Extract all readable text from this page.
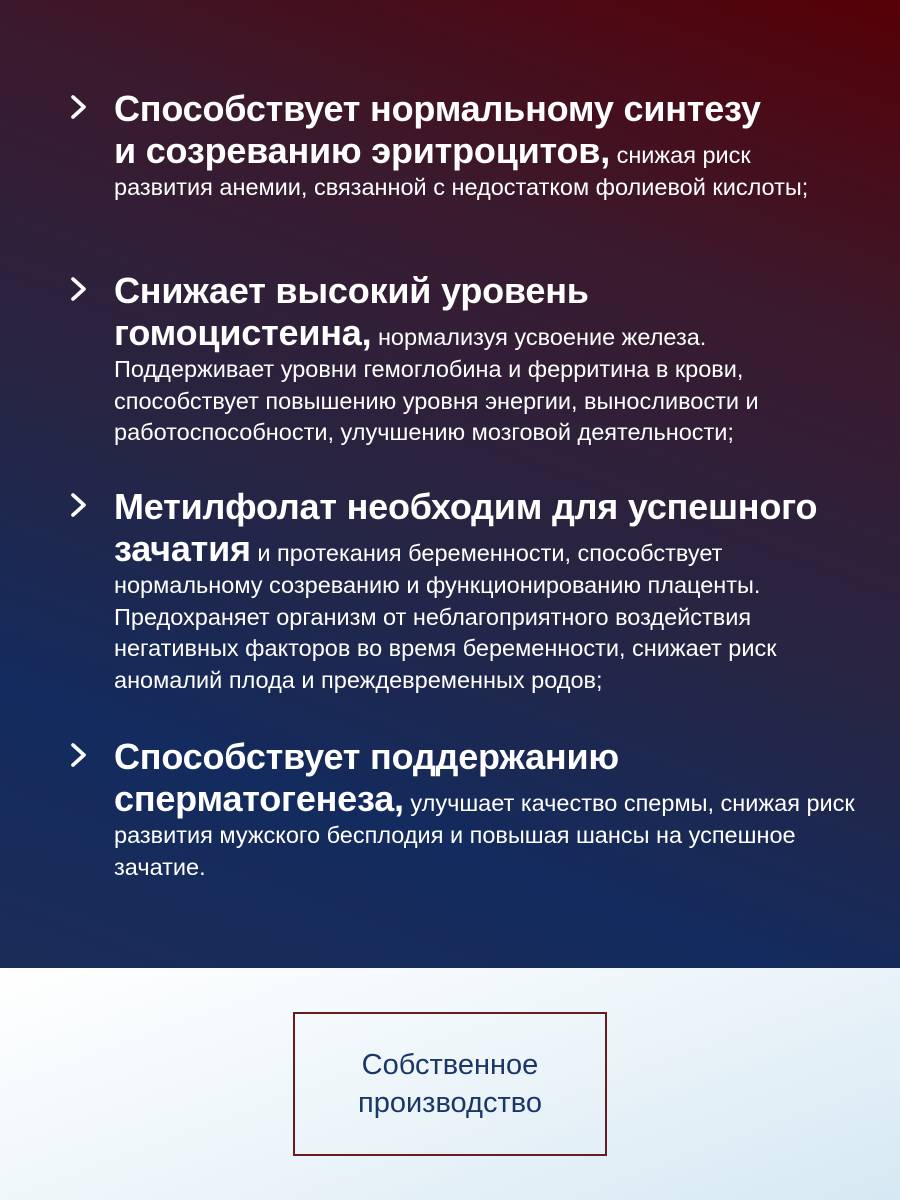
Способствует нормальному синтезу
и созреванию эритроцитов, снижая риск развития анемии, связанной с недостатком фолиевой кислоты;
Снижает высокий уровень
гомоцистеина, нормализуя усвоение железа. Поддерживает уровни гемоглобина и ферритина в крови, способствует повышению уровня энергии, выносливости и работоспособности, улучшению мозговой деятельности;
Метилфолат необходим для успешного
зачатия и протекания беременности, способствует нормальному созреванию и функционированию плаценты. Предохраняет организм от неблагоприятного воздействия негативных факторов во время беременности, снижает риск аномалий плода и преждевременных родов;
Способствует поддержанию
сперматогенеза, улучшает качество спермы, снижая риск развития мужского бесплодия и повышая шансы на успешное зачатие.
Собственное
производство
